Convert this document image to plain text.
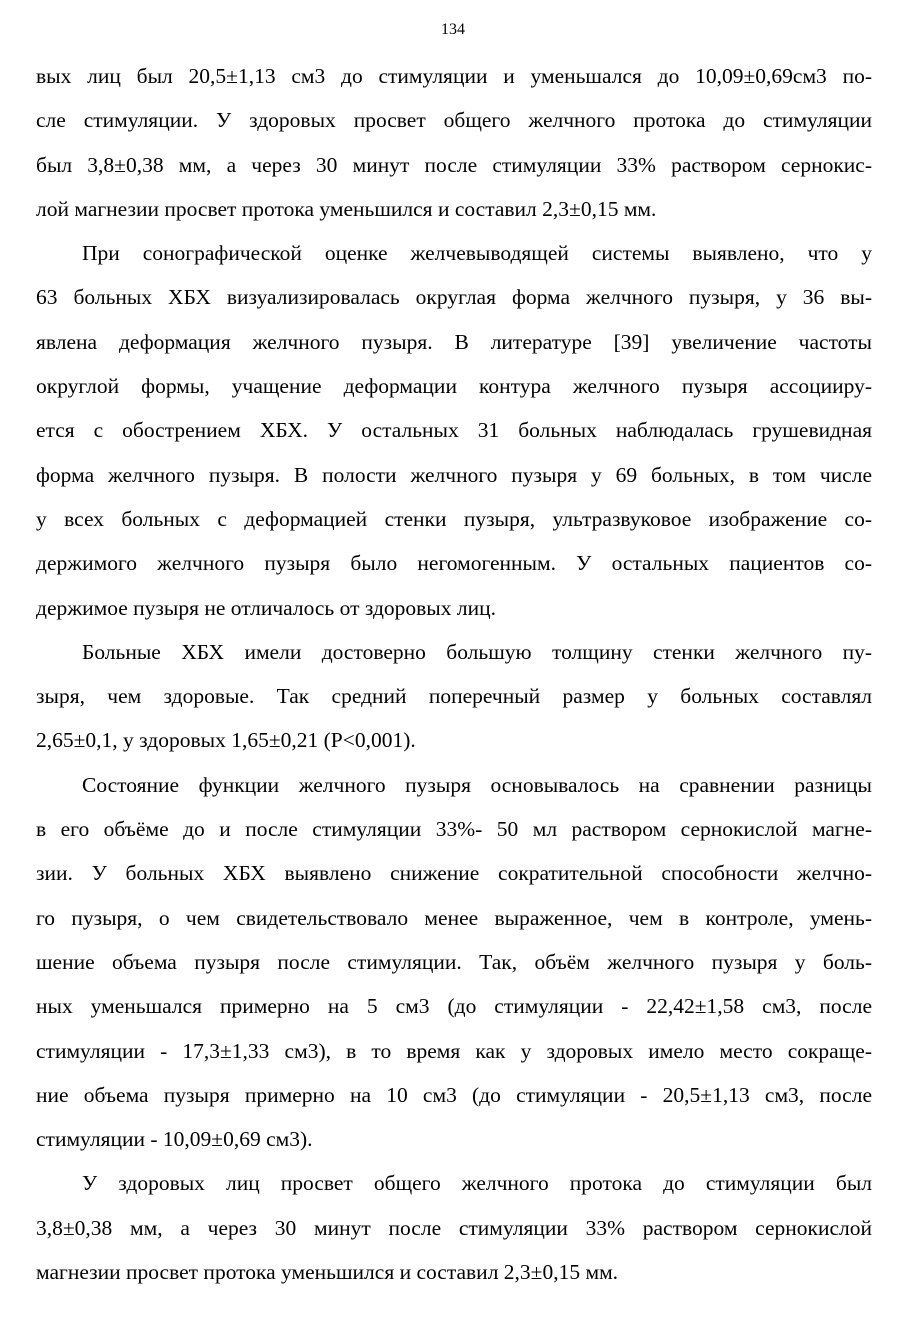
134
вых лиц был 20,5±1,13 см3 до стимуляции и уменьшался до 10,09±0,69см3 по-
сле стимуляции. У здоровых просвет общего желчного протока до стимуляции
был 3,8±0,38 мм, а через 30 минут после стимуляции 33% раствором сернокис-
лой магнезии просвет протока уменьшился и составил 2,3±0,15 мм.
При сонографической оценке желчевыводящей системы выявлено, что у
63 больных ХБХ визуализировалась округлая форма желчного пузыря, у 36 вы-
явлена деформация желчного пузыря. В литературе [39] увеличение частоты
округлой формы, учащение деформации контура желчного пузыря ассоцииру-
ется с обострением ХБХ. У остальных 31 больных наблюдалась грушевидная
форма желчного пузыря. В полости желчного пузыря у 69 больных, в том числе
у всех больных с деформацией стенки пузыря, ультразвуковое изображение со-
держимого желчного пузыря было негомогенным. У остальных пациентов со-
держимое пузыря не отличалось от здоровых лиц.
Больные ХБХ имели достоверно большую толщину стенки желчного пу-
зыря, чем здоровые. Так средний поперечный размер у больных составлял
2,65±0,1, у здоровых 1,65±0,21 (Р<0,001).
Состояние функции желчного пузыря основывалось на сравнении разницы
в его объёме до и после стимуляции 33%- 50 мл раствором сернокислой магне-
зии. У больных ХБХ выявлено снижение сократительной способности желчно-
го пузыря, о чем свидетельствовало менее выраженное, чем в контроле, умень-
шение объема пузыря после стимуляции. Так, объём желчного пузыря у боль-
ных уменьшался примерно на 5 см3 (до стимуляции - 22,42±1,58 см3, после
стимуляции - 17,3±1,33 см3), в то время как у здоровых имело место сокраще-
ние объема пузыря примерно на 10 см3 (до стимуляции - 20,5±1,13 см3, после
стимуляции - 10,09±0,69 см3).
У здоровых лиц просвет общего желчного протока до стимуляции был
3,8±0,38 мм, а через 30 минут после стимуляции 33% раствором сернокислой
магнезии просвет протока уменьшился и составил 2,3±0,15 мм.
